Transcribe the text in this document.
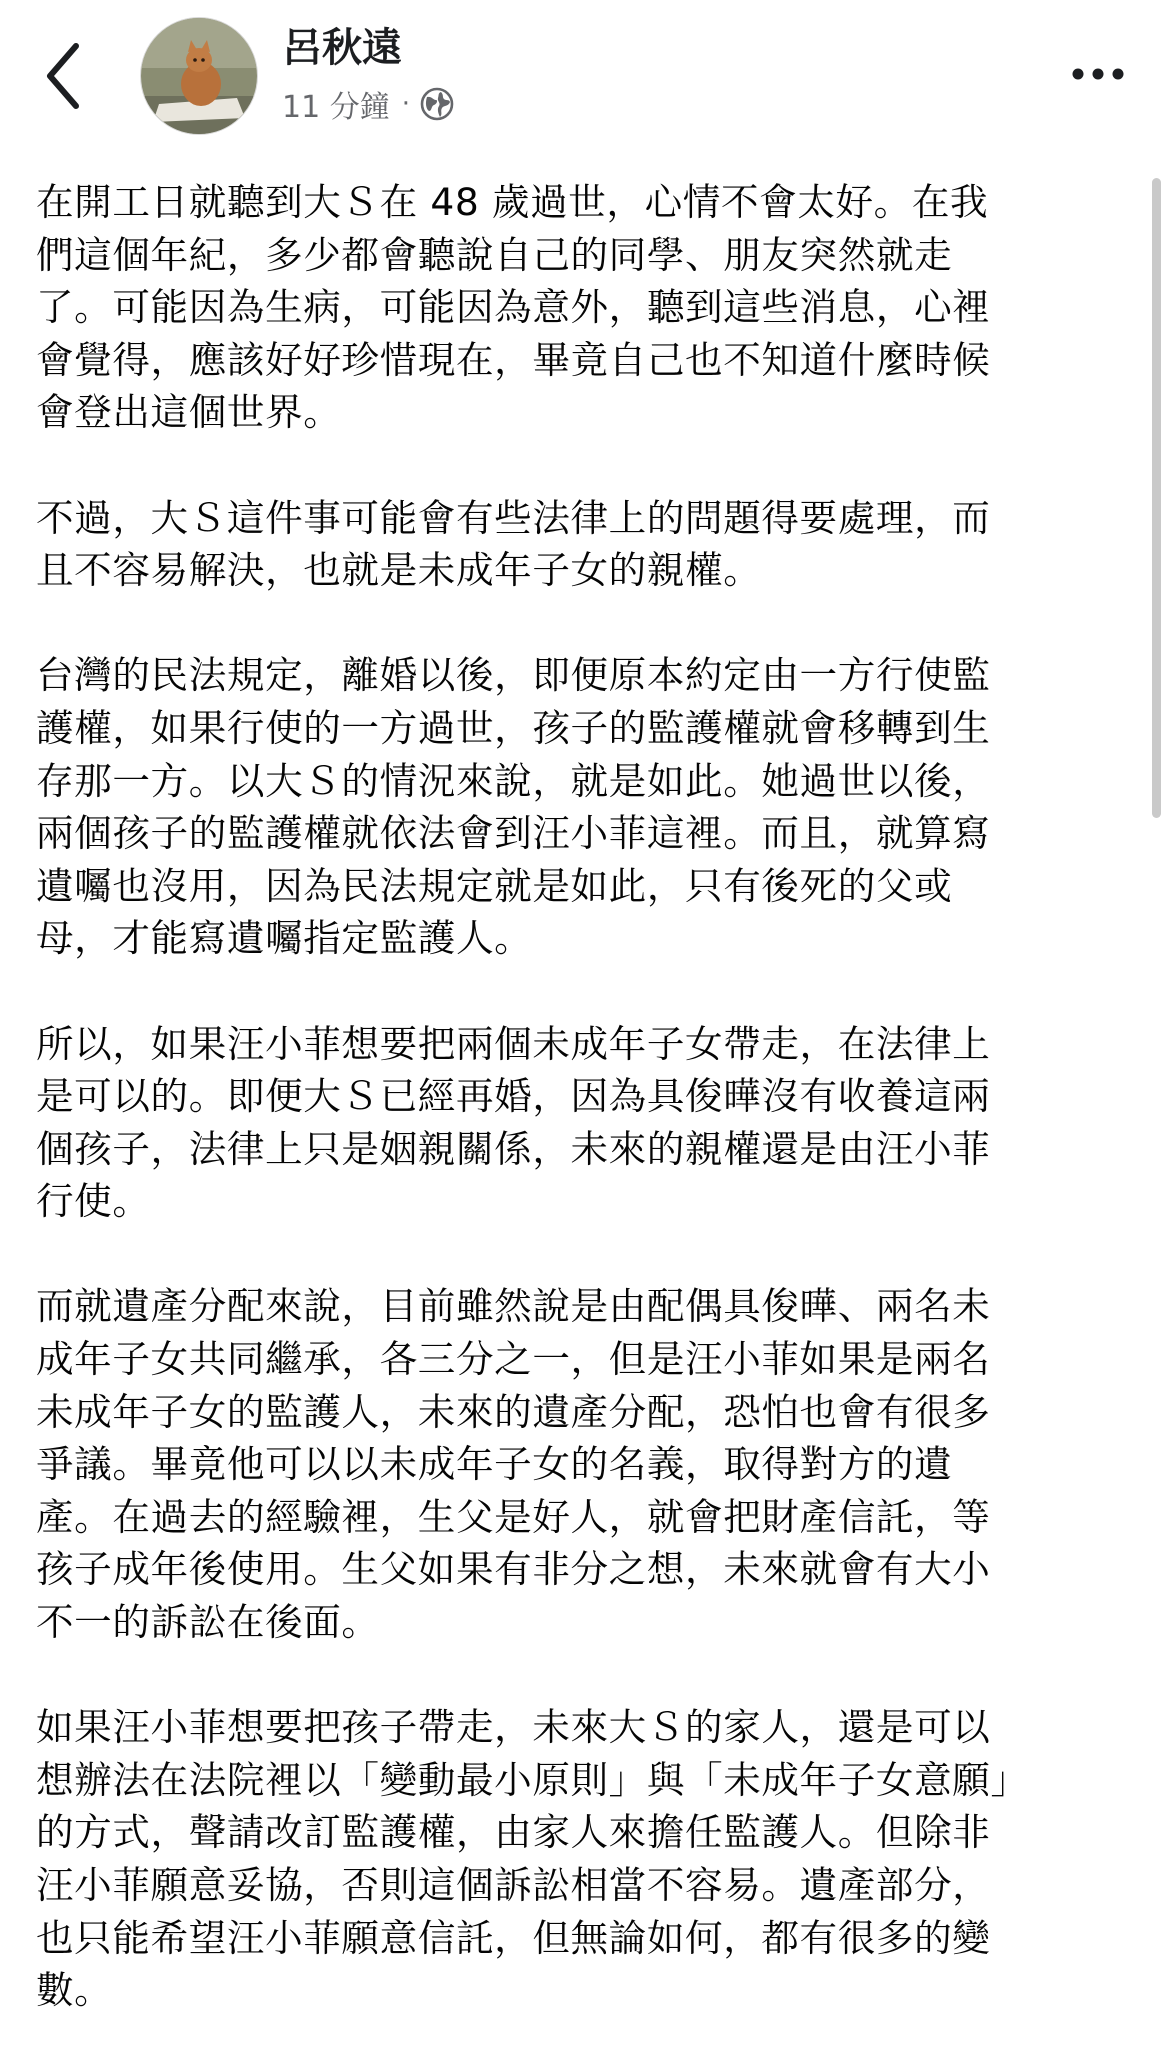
呂秋遠
11 分鐘 ·

在開工日就聽到大Ｓ在 48 歲過世，心情不會太好。在我
們這個年紀，多少都會聽說自己的同學、朋友突然就走
了。可能因為生病，可能因為意外，聽到這些消息，心裡
會覺得，應該好好珍惜現在，畢竟自己也不知道什麼時候
會登出這個世界。

不過，大Ｓ這件事可能會有些法律上的問題得要處理，而
且不容易解決，也就是未成年子女的親權。

台灣的民法規定，離婚以後，即便原本約定由一方行使監
護權，如果行使的一方過世，孩子的監護權就會移轉到生
存那一方。以大Ｓ的情況來說，就是如此。她過世以後，
兩個孩子的監護權就依法會到汪小菲這裡。而且，就算寫
遺囑也沒用，因為民法規定就是如此，只有後死的父或
母，才能寫遺囑指定監護人。

所以，如果汪小菲想要把兩個未成年子女帶走，在法律上
是可以的。即便大Ｓ已經再婚，因為具俊曄沒有收養這兩
個孩子，法律上只是姻親關係，未來的親權還是由汪小菲
行使。

而就遺產分配來說，目前雖然說是由配偶具俊曄、兩名未
成年子女共同繼承，各三分之一，但是汪小菲如果是兩名
未成年子女的監護人，未來的遺產分配，恐怕也會有很多
爭議。畢竟他可以以未成年子女的名義，取得對方的遺
產。在過去的經驗裡，生父是好人，就會把財產信託，等
孩子成年後使用。生父如果有非分之想，未來就會有大小
不一的訴訟在後面。

如果汪小菲想要把孩子帶走，未來大Ｓ的家人，還是可以
想辦法在法院裡以「變動最小原則」與「未成年子女意願」
的方式，聲請改訂監護權，由家人來擔任監護人。但除非
汪小菲願意妥協，否則這個訴訟相當不容易。遺產部分，
也只能希望汪小菲願意信託，但無論如何，都有很多的變
數。
